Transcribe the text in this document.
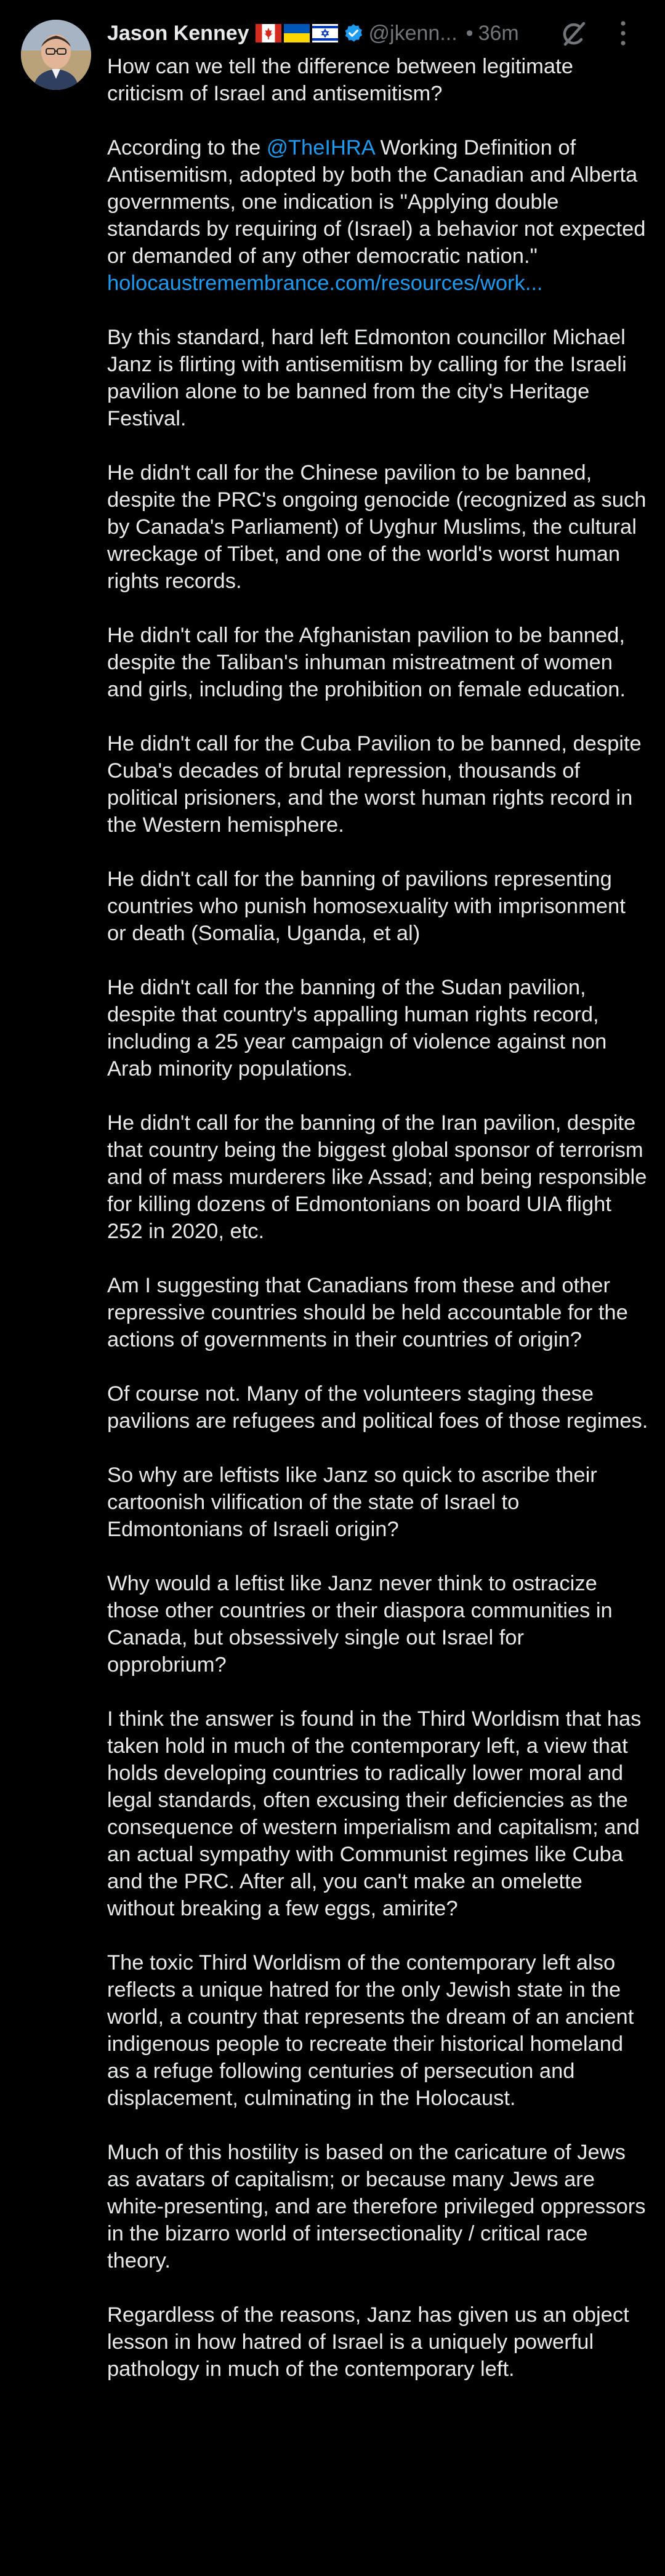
Jason Kenney	@jkenn... • 36m

How can we tell the difference between legitimate criticism of Israel and antisemitism?

According to the @TheIHRA Working Definition of Antisemitism, adopted by both the Canadian and Alberta governments, one indication is "Applying double standards by requiring of (Israel) a behavior not expected or demanded of any other democratic nation." holocaustremembrance.com/resources/work...

By this standard, hard left Edmonton councillor Michael Janz is flirting with antisemitism by calling for the Israeli pavilion alone to be banned from the city's Heritage Festival.

He didn't call for the Chinese pavilion to be banned, despite the PRC's ongoing genocide (recognized as such by Canada's Parliament) of Uyghur Muslims, the cultural wreckage of Tibet, and one of the world's worst human rights records.

He didn't call for the Afghanistan pavilion to be banned, despite the Taliban's inhuman mistreatment of women and girls, including the prohibition on female education.

He didn't call for the Cuba Pavilion to be banned, despite Cuba's decades of brutal repression, thousands of political prisioners, and the worst human rights record in the Western hemisphere.

He didn't call for the banning of pavilions representing countries who punish homosexuality with imprisonment or death (Somalia, Uganda, et al)

He didn't call for the banning of the Sudan pavilion, despite that country's appalling human rights record, including a 25 year campaign of violence against non Arab minority populations.

He didn't call for the banning of the Iran pavilion, despite that country being the biggest global sponsor of terrorism and of mass murderers like Assad; and being responsible for killing dozens of Edmontonians on board UIA flight 252 in 2020, etc.

Am I suggesting that Canadians from these and other repressive countries should be held accountable for the actions of governments in their countries of origin?

Of course not. Many of the volunteers staging these pavilions are refugees and political foes of those regimes.

So why are leftists like Janz so quick to ascribe their cartoonish vilification of the state of Israel to Edmontonians of Israeli origin?

Why would a leftist like Janz never think to ostracize those other countries or their diaspora communities in Canada, but obsessively single out Israel for opprobrium?

I think the answer is found in the Third Worldism that has taken hold in much of the contemporary left, a view that holds developing countries to radically lower moral and legal standards, often excusing their deficiencies as the consequence of western imperialism and capitalism; and an actual sympathy with Communist regimes like Cuba and the PRC. After all, you can't make an omelette without breaking a few eggs, amirite?

The toxic Third Worldism of the contemporary left also reflects a unique hatred for the only Jewish state in the world, a country that represents the dream of an ancient indigenous people to recreate their historical homeland as a refuge following centuries of persecution and displacement, culminating in the Holocaust.

Much of this hostility is based on the caricature of Jews as avatars of capitalism; or because many Jews are white-presenting, and are therefore privileged oppressors in the bizarro world of intersectionality / critical race theory.

Regardless of the reasons, Janz has given us an object lesson in how hatred of Israel is a uniquely powerful pathology in much of the contemporary left.
